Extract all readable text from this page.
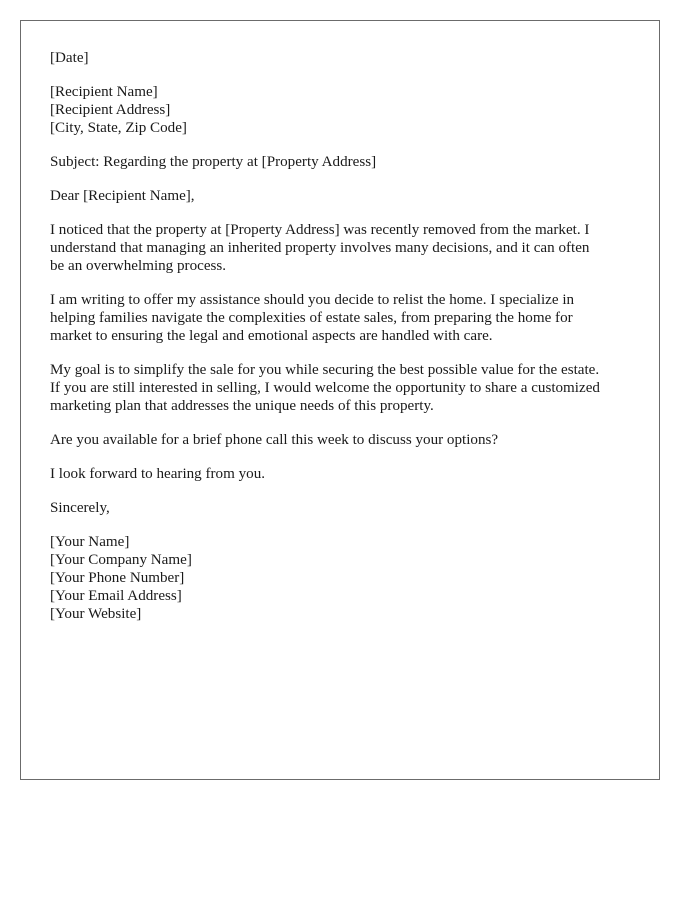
[Date]
[Recipient Name]
[Recipient Address]
[City, State, Zip Code]
Subject: Regarding the property at [Property Address]
Dear [Recipient Name],
I noticed that the property at [Property Address] was recently removed from the market. I
understand that managing an inherited property involves many decisions, and it can often
be an overwhelming process.
I am writing to offer my assistance should you decide to relist the home. I specialize in
helping families navigate the complexities of estate sales, from preparing the home for
market to ensuring the legal and emotional aspects are handled with care.
My goal is to simplify the sale for you while securing the best possible value for the estate.
If you are still interested in selling, I would welcome the opportunity to share a customized
marketing plan that addresses the unique needs of this property.
Are you available for a brief phone call this week to discuss your options?
I look forward to hearing from you.
Sincerely,
[Your Name]
[Your Company Name]
[Your Phone Number]
[Your Email Address]
[Your Website]
